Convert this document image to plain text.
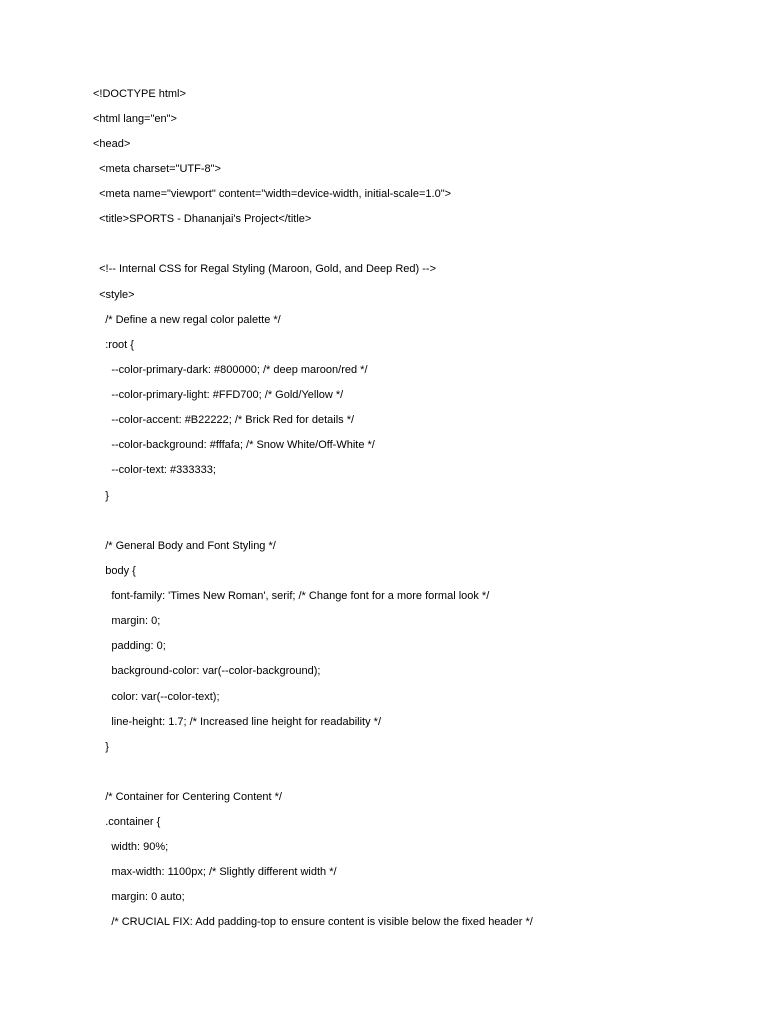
<!DOCTYPE html>

<html lang="en">

<head>

<meta charset="UTF-8">

<meta name="viewport" content="width=device-width, initial-scale=1.0">

<title>SPORTS - Dhananjai's Project</title>

<!-- Internal CSS for Regal Styling (Maroon, Gold, and Deep Red) -->

<style>

/* Define a new regal color palette */

:root {

--color-primary-dark: #800000; /* deep maroon/red */

--color-primary-light: #FFD700; /* Gold/Yellow */

--color-accent: #B22222; /* Brick Red for details */

--color-background: #fffafa; /* Snow White/Off-White */

--color-text: #333333;

}

/* General Body and Font Styling */

body {

font-family: 'Times New Roman', serif; /* Change font for a more formal look */

margin: 0;

padding: 0;

background-color: var(--color-background);

color: var(--color-text);

line-height: 1.7; /* Increased line height for readability */

}

/* Container for Centering Content */

.container {

width: 90%;

max-width: 1100px; /* Slightly different width */

margin: 0 auto;

/* CRUCIAL FIX: Add padding-top to ensure content is visible below the fixed header */
